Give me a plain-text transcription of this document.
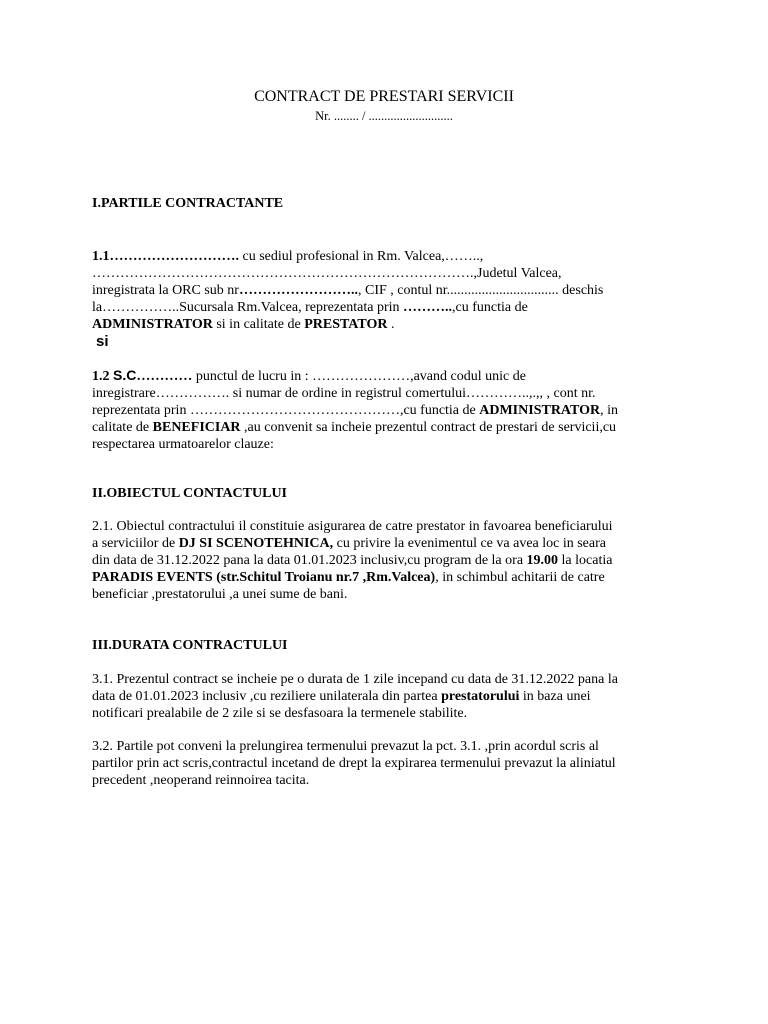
CONTRACT DE PRESTARI SERVICII
Nr. ........ / ...........................
I.PARTILE CONTRACTANTE

1.1………………………. cu sediul profesional in Rm. Valcea,……..,

……………………………………………………………………….,Judetul Valcea,

inregistrata la ORC sub nr…………………….., CIF , contul nr................................ deschis

la……………..Sucursala Rm.Valcea, reprezentata prin ………..,cu functia de

ADMINISTRATOR si in calitate de PRESTATOR .

si

1.2 S.C………… punctul de lucru in : …………………,avand codul unic de

inregistrare……………. si numar de ordine in registrul comertului…………..,.,, , cont nr.

reprezentata prin ………………………………………,cu functia de ADMINISTRATOR, in

calitate de BENEFICIAR ,au convenit sa incheie prezentul contract de prestari de servicii,cu

respectarea urmatoarelor clauze:

II.OBIECTUL CONTACTULUI

2.1. Obiectul contractului il constituie asigurarea de catre prestator in favoarea beneficiarului

a serviciilor de DJ SI SCENOTEHNICA, cu privire la evenimentul ce va avea loc in seara

din data de 31.12.2022 pana la data 01.01.2023 inclusiv,cu program de la ora 19.00 la locatia

PARADIS EVENTS (str.Schitul Troianu nr.7 ,Rm.Valcea), in schimbul achitarii de catre

beneficiar ,prestatorului ,a unei sume de bani.

III.DURATA CONTRACTULUI

3.1. Prezentul contract se incheie pe o durata de 1 zile incepand cu data de 31.12.2022 pana la

data de 01.01.2023 inclusiv ,cu reziliere unilaterala din partea prestatorului in baza unei

notificari prealabile de 2 zile si se desfasoara la termenele stabilite.

3.2. Partile pot conveni la prelungirea termenului prevazut la pct. 3.1. ,prin acordul scris al

partilor prin act scris,contractul incetand de drept la expirarea termenului prevazut la aliniatul

precedent ,neoperand reinnoirea tacita.
